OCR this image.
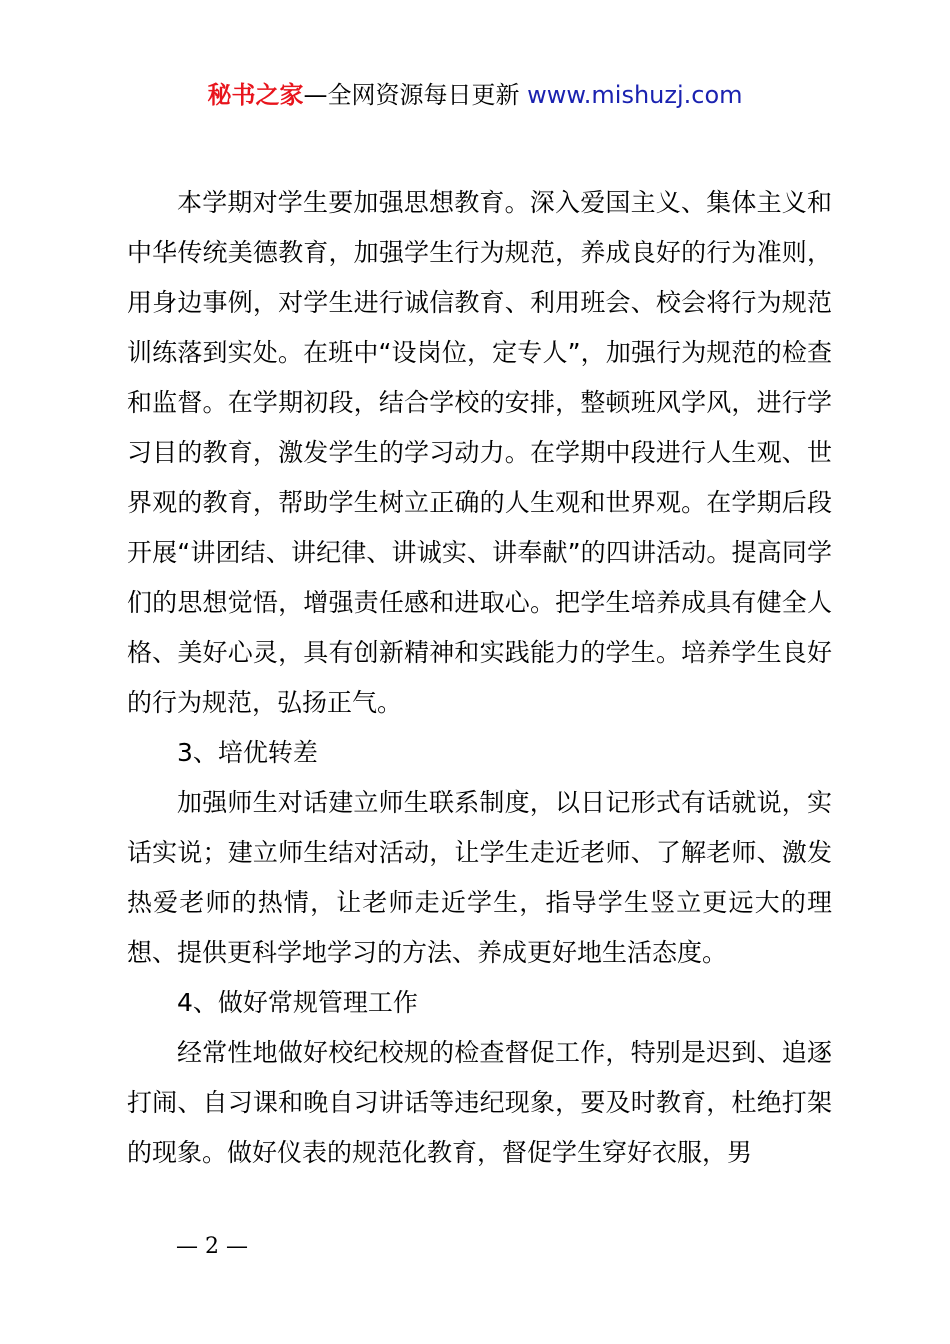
秘书之家—全网资源每日更新 www.mishuzj.com

本学期对学生要加强思想教育。深入爱国主义、集体主义和中华传统美德教育，加强学生行为规范，养成良好的行为准则，用身边事例，对学生进行诚信教育、利用班会、校会将行为规范训练落到实处。在班中“设岗位，定专人”，加强行为规范的检查和监督。在学期初段，结合学校的安排，整顿班风学风，进行学习目的教育，激发学生的学习动力。在学期中段进行人生观、世界观的教育，帮助学生树立正确的人生观和世界观。在学期后段开展“讲团结、讲纪律、讲诚实、讲奉献”的四讲活动。提高同学们的思想觉悟，增强责任感和进取心。把学生培养成具有健全人格、美好心灵，具有创新精神和实践能力的学生。培养学生良好的行为规范，弘扬正气。

3、培优转差

加强师生对话建立师生联系制度，以日记形式有话就说，实话实说；建立师生结对活动，让学生走近老师、了解老师、激发热爱老师的热情，让老师走近学生，指导学生竖立更远大的理想、提供更科学地学习的方法、养成更好地生活态度。

4、做好常规管理工作

经常性地做好校纪校规的检查督促工作，特别是迟到、追逐打闹、自习课和晚自习讲话等违纪现象，要及时教育，杜绝打架的现象。做好仪表的规范化教育，督促学生穿好衣服，男

— 2 —
